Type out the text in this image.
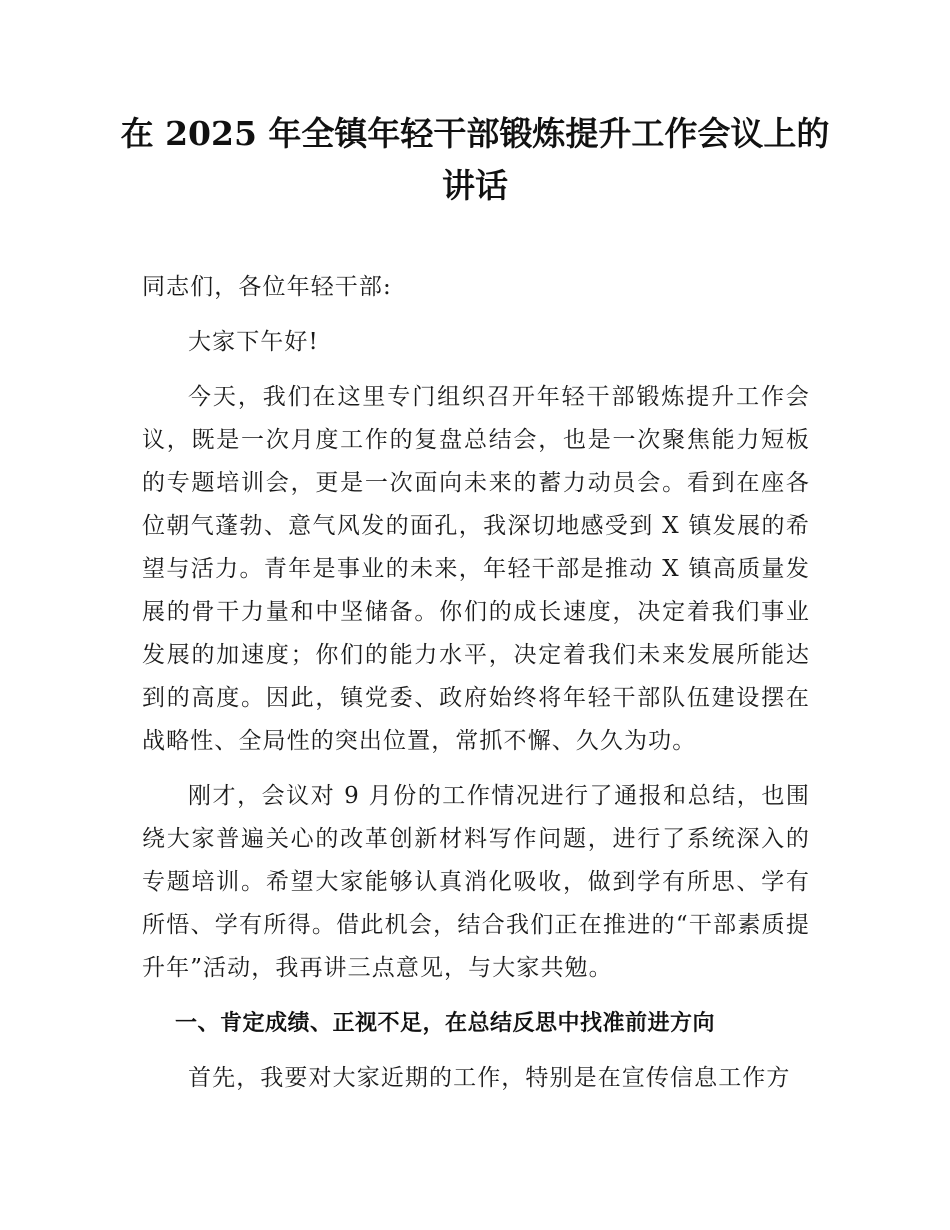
在 2025 年全镇年轻干部锻炼提升工作会议上的讲话

同志们，各位年轻干部:

大家下午好!

今天，我们在这里专门组织召开年轻干部锻炼提升工作会议，既是一次月度工作的复盘总结会，也是一次聚焦能力短板的专题培训会，更是一次面向未来的蓄力动员会。看到在座各位朝气蓬勃、意气风发的面孔，我深切地感受到 X 镇发展的希望与活力。青年是事业的未来，年轻干部是推动 X 镇高质量发展的骨干力量和中坚储备。你们的成长速度，决定着我们事业发展的加速度；你们的能力水平，决定着我们未来发展所能达到的高度。因此，镇党委、政府始终将年轻干部队伍建设摆在战略性、全局性的突出位置，常抓不懈、久久为功。

刚才，会议对 9 月份的工作情况进行了通报和总结，也围绕大家普遍关心的改革创新材料写作问题，进行了系统深入的专题培训。希望大家能够认真消化吸收，做到学有所思、学有所悟、学有所得。借此机会，结合我们正在推进的“干部素质提升年”活动，我再讲三点意见，与大家共勉。

一、肯定成绩、正视不足，在总结反思中找准前进方向

首先，我要对大家近期的工作，特别是在宣传信息工作方
